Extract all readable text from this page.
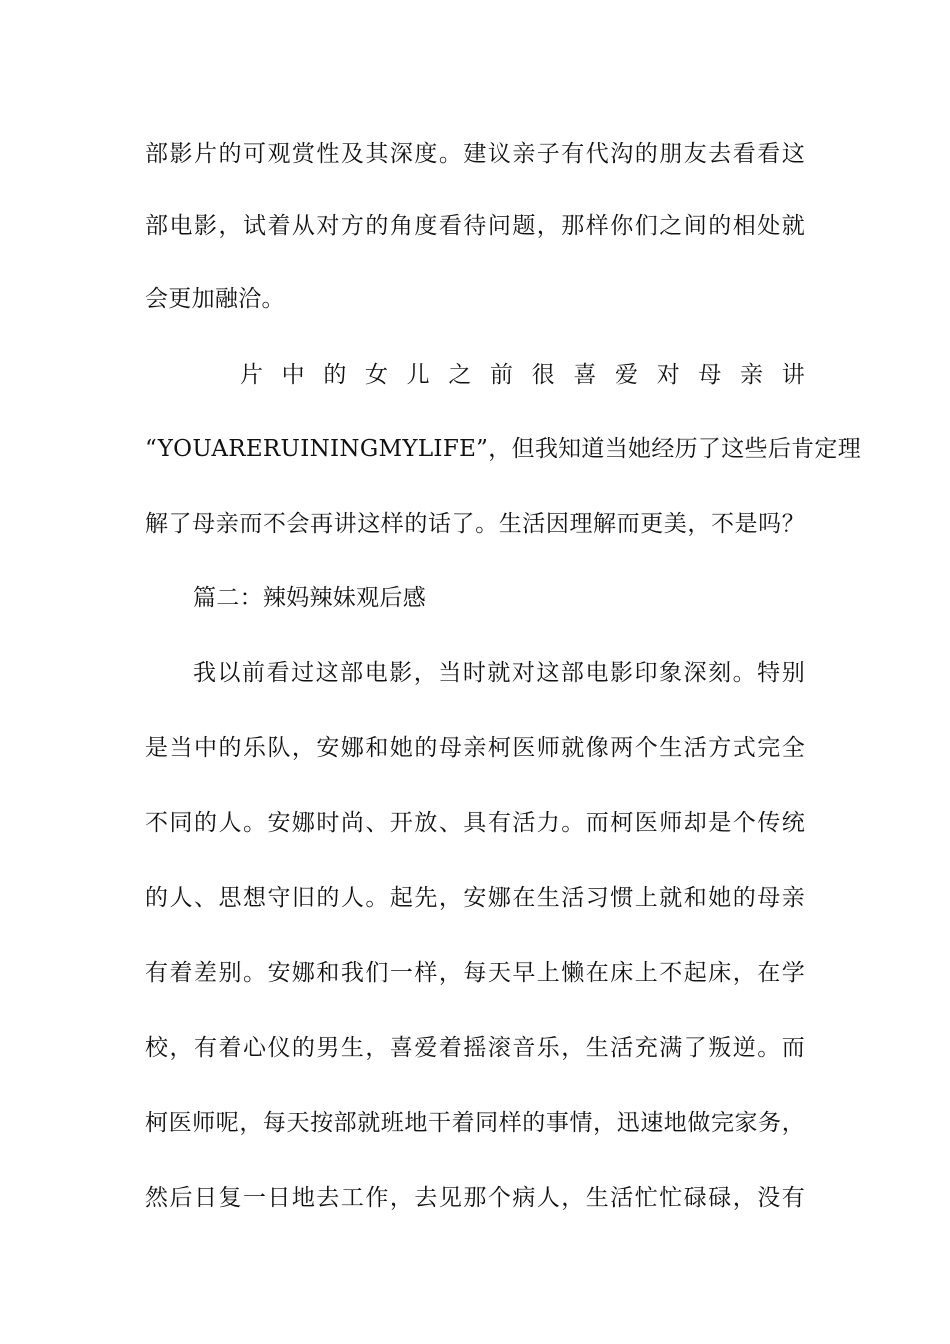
部影片的可观赏性及其深度。建议亲子有代沟的朋友去看看这
部电影，试着从对方的角度看待问题，那样你们之间的相处就
会更加融洽。
片中的女儿之前很喜爱对母亲讲
“YOUARERUININGMYLIFE”，但我知道当她经历了这些后肯定理
解了母亲而不会再讲这样的话了。生活因理解而更美，不是吗？
篇二：辣妈辣妹观后感
我以前看过这部电影，当时就对这部电影印象深刻。特别
是当中的乐队，安娜和她的母亲柯医师就像两个生活方式完全
不同的人。安娜时尚、开放、具有活力。而柯医师却是个传统
的人、思想守旧的人。起先，安娜在生活习惯上就和她的母亲
有着差别。安娜和我们一样，每天早上懒在床上不起床，在学
校，有着心仪的男生，喜爱着摇滚音乐，生活充满了叛逆。而
柯医师呢，每天按部就班地干着同样的事情，迅速地做完家务，
然后日复一日地去工作，去见那个病人，生活忙忙碌碌，没有
